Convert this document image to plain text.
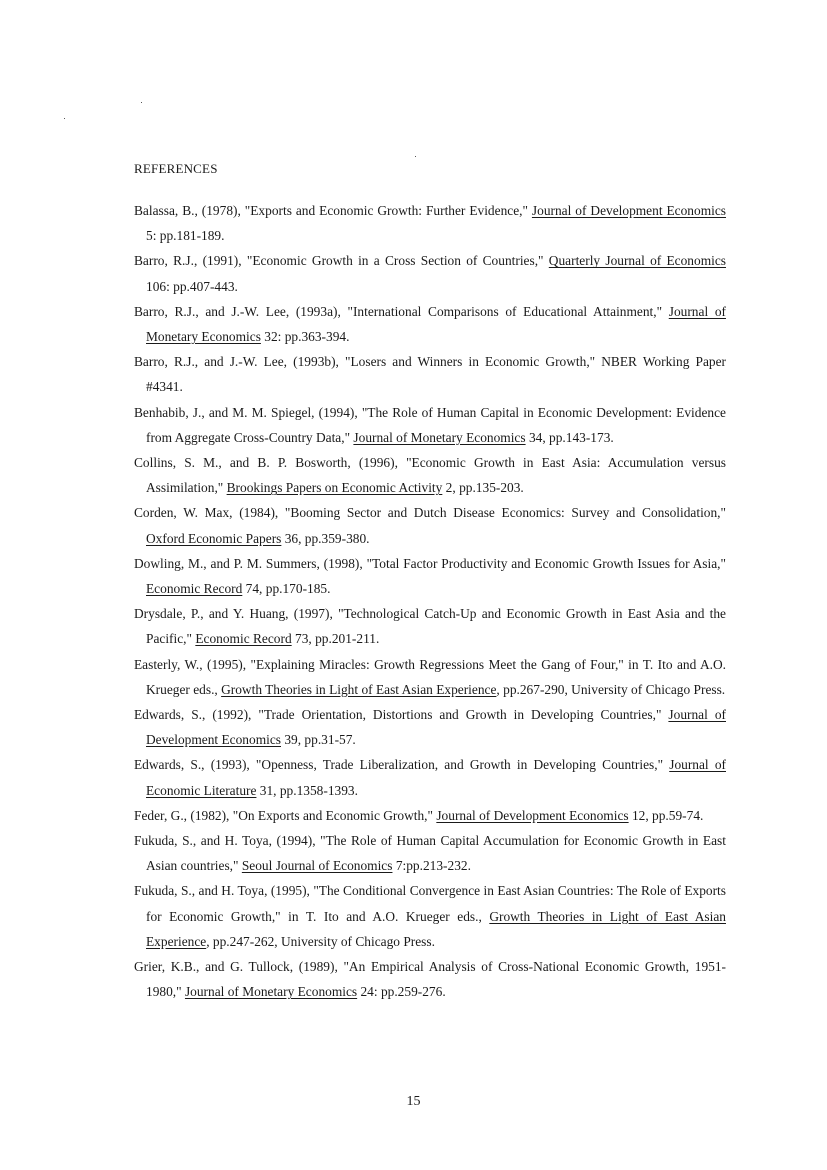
REFERENCES

Balassa, B., (1978), "Exports and Economic Growth: Further Evidence," Journal of Development Economics 5: pp.181-189.

Barro, R.J., (1991), "Economic Growth in a Cross Section of Countries," Quarterly Journal of Economics 106: pp.407-443.

Barro, R.J., and J.-W. Lee, (1993a), "International Comparisons of Educational Attainment," Journal of Monetary Economics 32: pp.363-394.

Barro, R.J., and J.-W. Lee, (1993b), "Losers and Winners in Economic Growth," NBER Working Paper #4341.

Benhabib, J., and M. M. Spiegel, (1994), "The Role of Human Capital in Economic Development: Evidence from Aggregate Cross-Country Data," Journal of Monetary Economics 34, pp.143-173.

Collins, S. M., and B. P. Bosworth, (1996), "Economic Growth in East Asia: Accumulation versus Assimilation," Brookings Papers on Economic Activity 2, pp.135-203.

Corden, W. Max, (1984), "Booming Sector and Dutch Disease Economics: Survey and Consolidation," Oxford Economic Papers 36, pp.359-380.

Dowling, M., and P. M. Summers, (1998), "Total Factor Productivity and Economic Growth Issues for Asia," Economic Record 74, pp.170-185.

Drysdale, P., and Y. Huang, (1997), "Technological Catch-Up and Economic Growth in East Asia and the Pacific," Economic Record 73, pp.201-211.

Easterly, W., (1995), "Explaining Miracles: Growth Regressions Meet the Gang of Four," in T. Ito and A.O. Krueger eds., Growth Theories in Light of East Asian Experience, pp.267-290, University of Chicago Press.

Edwards, S., (1992), "Trade Orientation, Distortions and Growth in Developing Countries," Journal of Development Economics 39, pp.31-57.

Edwards, S., (1993), "Openness, Trade Liberalization, and Growth in Developing Countries," Journal of Economic Literature 31, pp.1358-1393.

Feder, G., (1982), "On Exports and Economic Growth," Journal of Development Economics 12, pp.59-74.

Fukuda, S., and H. Toya, (1994), "The Role of Human Capital Accumulation for Economic Growth in East Asian countries," Seoul Journal of Economics 7:pp.213-232.

Fukuda, S., and H. Toya, (1995), "The Conditional Convergence in East Asian Countries: The Role of Exports for Economic Growth," in T. Ito and A.O. Krueger eds., Growth Theories in Light of East Asian Experience, pp.247-262, University of Chicago Press.

Grier, K.B., and G. Tullock, (1989), "An Empirical Analysis of Cross-National Economic Growth, 1951-1980," Journal of Monetary Economics 24: pp.259-276.

15
